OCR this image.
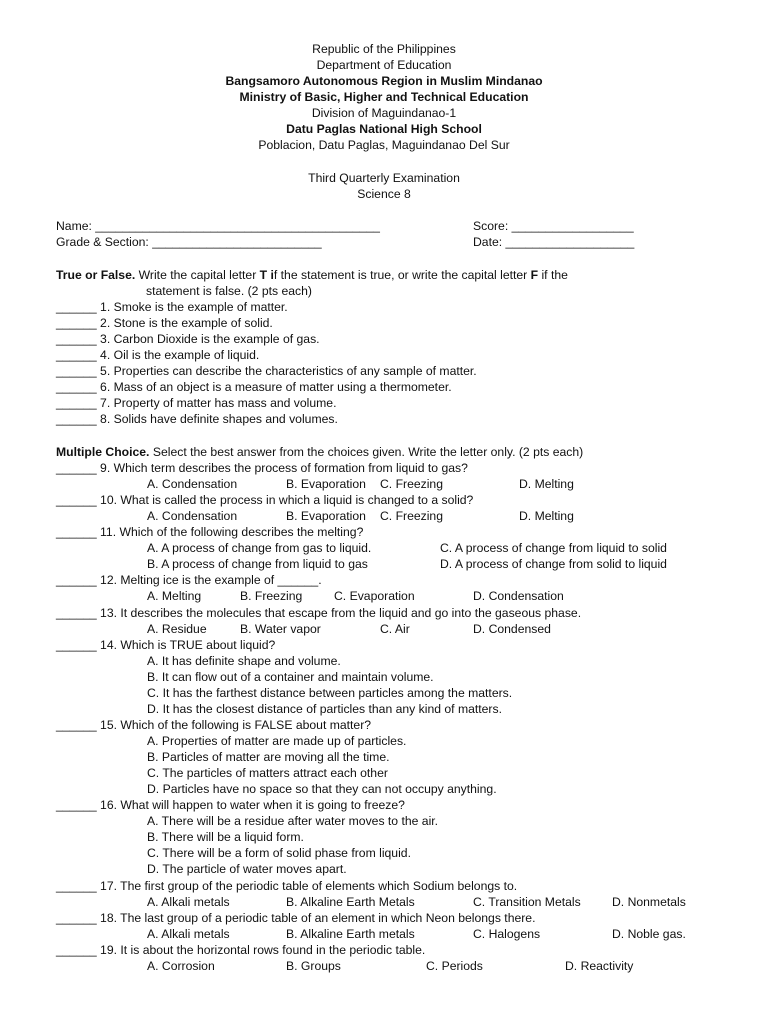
Republic of the Philippines
Department of Education
Bangsamoro Autonomous Region in Muslim Mindanao
Ministry of Basic, Higher and Technical Education
Division of Maguindanao-1
Datu Paglas National High School
Poblacion, Datu Paglas, Maguindanao Del Sur
Third Quarterly Examination
Science 8
Name: __________________________________________	Score: __________________
Grade & Section: _________________________	Date: ___________________
True or False. Write the capital letter T if the statement is true, or write the capital letter F if the
statement is false. (2 pts each)
______ 1. Smoke is the example of matter.
______ 2. Stone is the example of solid.
______ 3. Carbon Dioxide is the example of gas.
______ 4. Oil is the example of liquid.
______ 5. Properties can describe the characteristics of any sample of matter.
______ 6. Mass of an object is a measure of matter using a thermometer.
______ 7. Property of matter has mass and volume.
______ 8. Solids have definite shapes and volumes.
Multiple Choice. Select the best answer from the choices given. Write the letter only. (2 pts each)
______ 9. Which term describes the process of formation from liquid to gas?
A. Condensation	B. Evaporation C. Freezing	D. Melting
______ 10. What is called the process in which a liquid is changed to a solid?
A. Condensation	B. Evaporation C. Freezing	D. Melting
______ 11. Which of the following describes the melting?
A. A process of change from gas to liquid.	C. A process of change from liquid to solid
B. A process of change from liquid to gas	D. A process of change from solid to liquid
______ 12. Melting ice is the example of ______.
A. Melting	B. Freezing	C. Evaporation	D. Condensation
______ 13. It describes the molecules that escape from the liquid and go into the gaseous phase.
A. Residue	B. Water vapor	C. Air	D. Condensed
______ 14. Which is TRUE about liquid?
A. It has definite shape and volume.
B. It can flow out of a container and maintain volume.
C. It has the farthest distance between particles among the matters.
D. It has the closest distance of particles than any kind of matters.
______ 15. Which of the following is FALSE about matter?
A. Properties of matter are made up of particles.
B. Particles of matter are moving all the time.
C. The particles of matters attract each other
D. Particles have no space so that they can not occupy anything.
______ 16. What will happen to water when it is going to freeze?
A. There will be a residue after water moves to the air.
B. There will be a liquid form.
C. There will be a form of solid phase from liquid.
D. The particle of water moves apart.
______ 17. The first group of the periodic table of elements which Sodium belongs to.
A. Alkali metals	B. Alkaline Earth Metals	C. Transition Metals	D. Nonmetals
______ 18. The last group of a periodic table of an element in which Neon belongs there.
A. Alkali metals	B. Alkaline Earth metals	C. Halogens	D. Noble gas.
______ 19. It is about the horizontal rows found in the periodic table.
A. Corrosion	B. Groups	C. Periods	D. Reactivity
